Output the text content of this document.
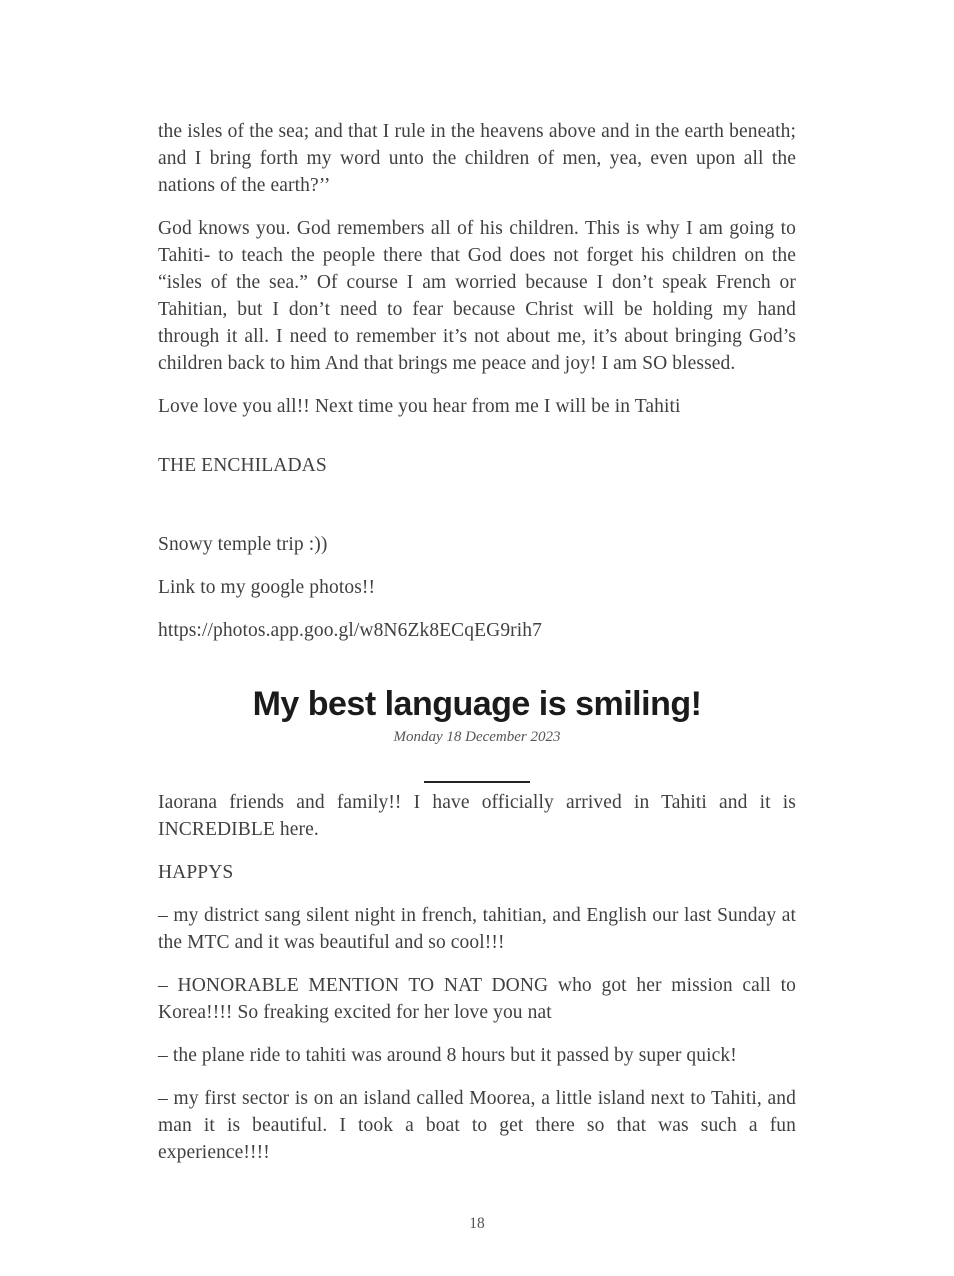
the isles of the sea; and that I rule in the heavens above and in the earth beneath; and I bring forth my word unto the children of men, yea, even upon all the nations of the earth?’’

God knows you. God remembers all of his children. This is why I am going to Tahiti- to teach the people there that God does not forget his children on the “isles of the sea.” Of course I am worried because I don’t speak French or Tahitian, but I don’t need to fear because Christ will be holding my hand through it all. I need to remember it’s not about me, it’s about bringing God’s children back to him And that brings me peace and joy! I am SO blessed.

Love love you all!! Next time you hear from me I will be in Tahiti

THE ENCHILADAS

Snowy temple trip :))

Link to my google photos!!

https://photos.app.goo.gl/w8N6Zk8ECqEG9rih7

My best language is smiling!

Monday 18 December 2023

Iaorana friends and family!! I have officially arrived in Tahiti and it is INCREDIBLE here.

HAPPYS

– my district sang silent night in french, tahitian, and English our last Sunday at the MTC and it was beautiful and so cool!!!

– HONORABLE MENTION TO NAT DONG who got her mission call to Korea!!!! So freaking excited for her love you nat

– the plane ride to tahiti was around 8 hours but it passed by super quick!

– my first sector is on an island called Moorea, a little island next to Tahiti, and man it is beautiful. I took a boat to get there so that was such a fun experience!!!!

18
